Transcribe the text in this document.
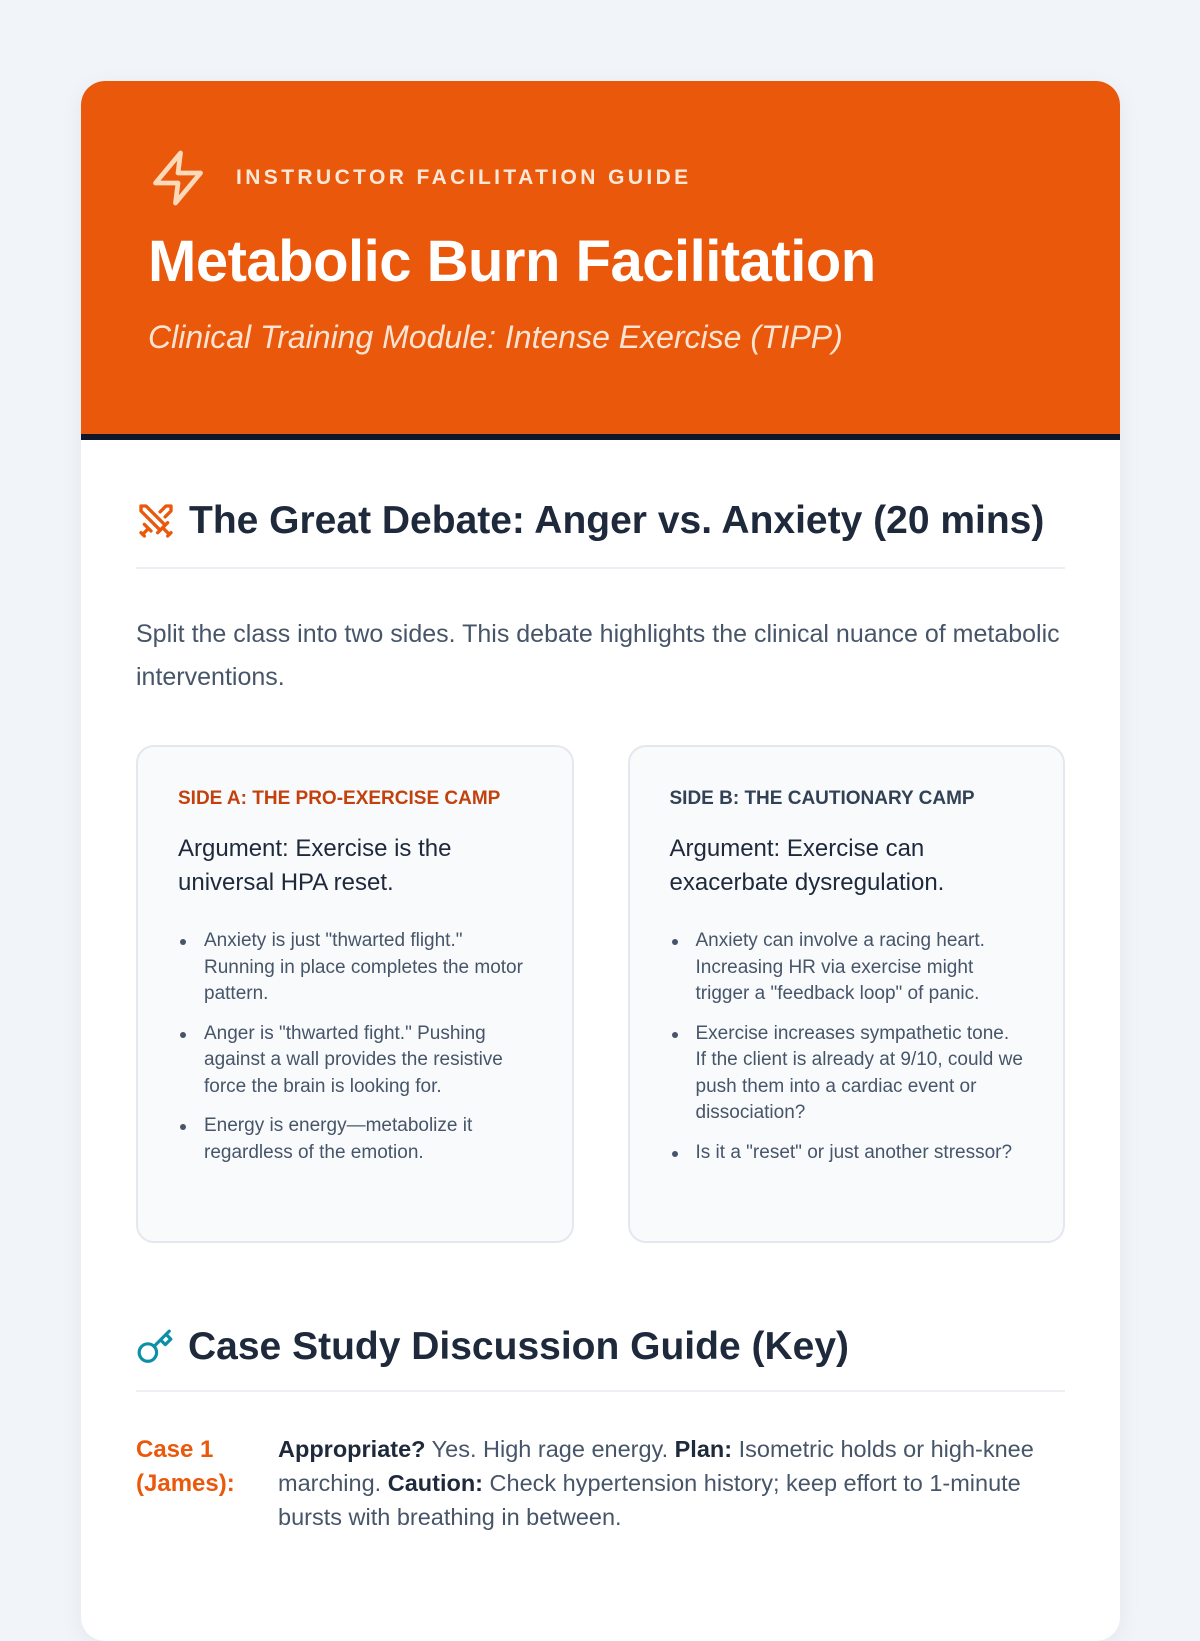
INSTRUCTOR FACILITATION GUIDE
Metabolic Burn Facilitation
Clinical Training Module: Intense Exercise (TIPP)
The Great Debate: Anger vs. Anxiety (20 mins)

Split the class into two sides. This debate highlights the clinical nuance of metabolic interventions.

SIDE A: THE PRO-EXERCISE CAMP
Argument: Exercise is the universal HPA reset.
Anxiety is just "thwarted flight." Running in place completes the motor pattern.
Anger is "thwarted fight." Pushing against a wall provides the resistive force the brain is looking for.
Energy is energy—metabolize it regardless of the emotion.
SIDE B: THE CAUTIONARY CAMP
Argument: Exercise can exacerbate dysregulation.
Anxiety can involve a racing heart. Increasing HR via exercise might trigger a "feedback loop" of panic.
Exercise increases sympathetic tone. If the client is already at 9/10, could we push them into a cardiac event or dissociation?
Is it a "reset" or just another stressor?
Case Study Discussion Guide (Key)
Case 1 (James):
Appropriate? Yes. High rage energy. Plan: Isometric holds or high-knee marching. Caution: Check hypertension history; keep effort to 1-minute bursts with breathing in between.
